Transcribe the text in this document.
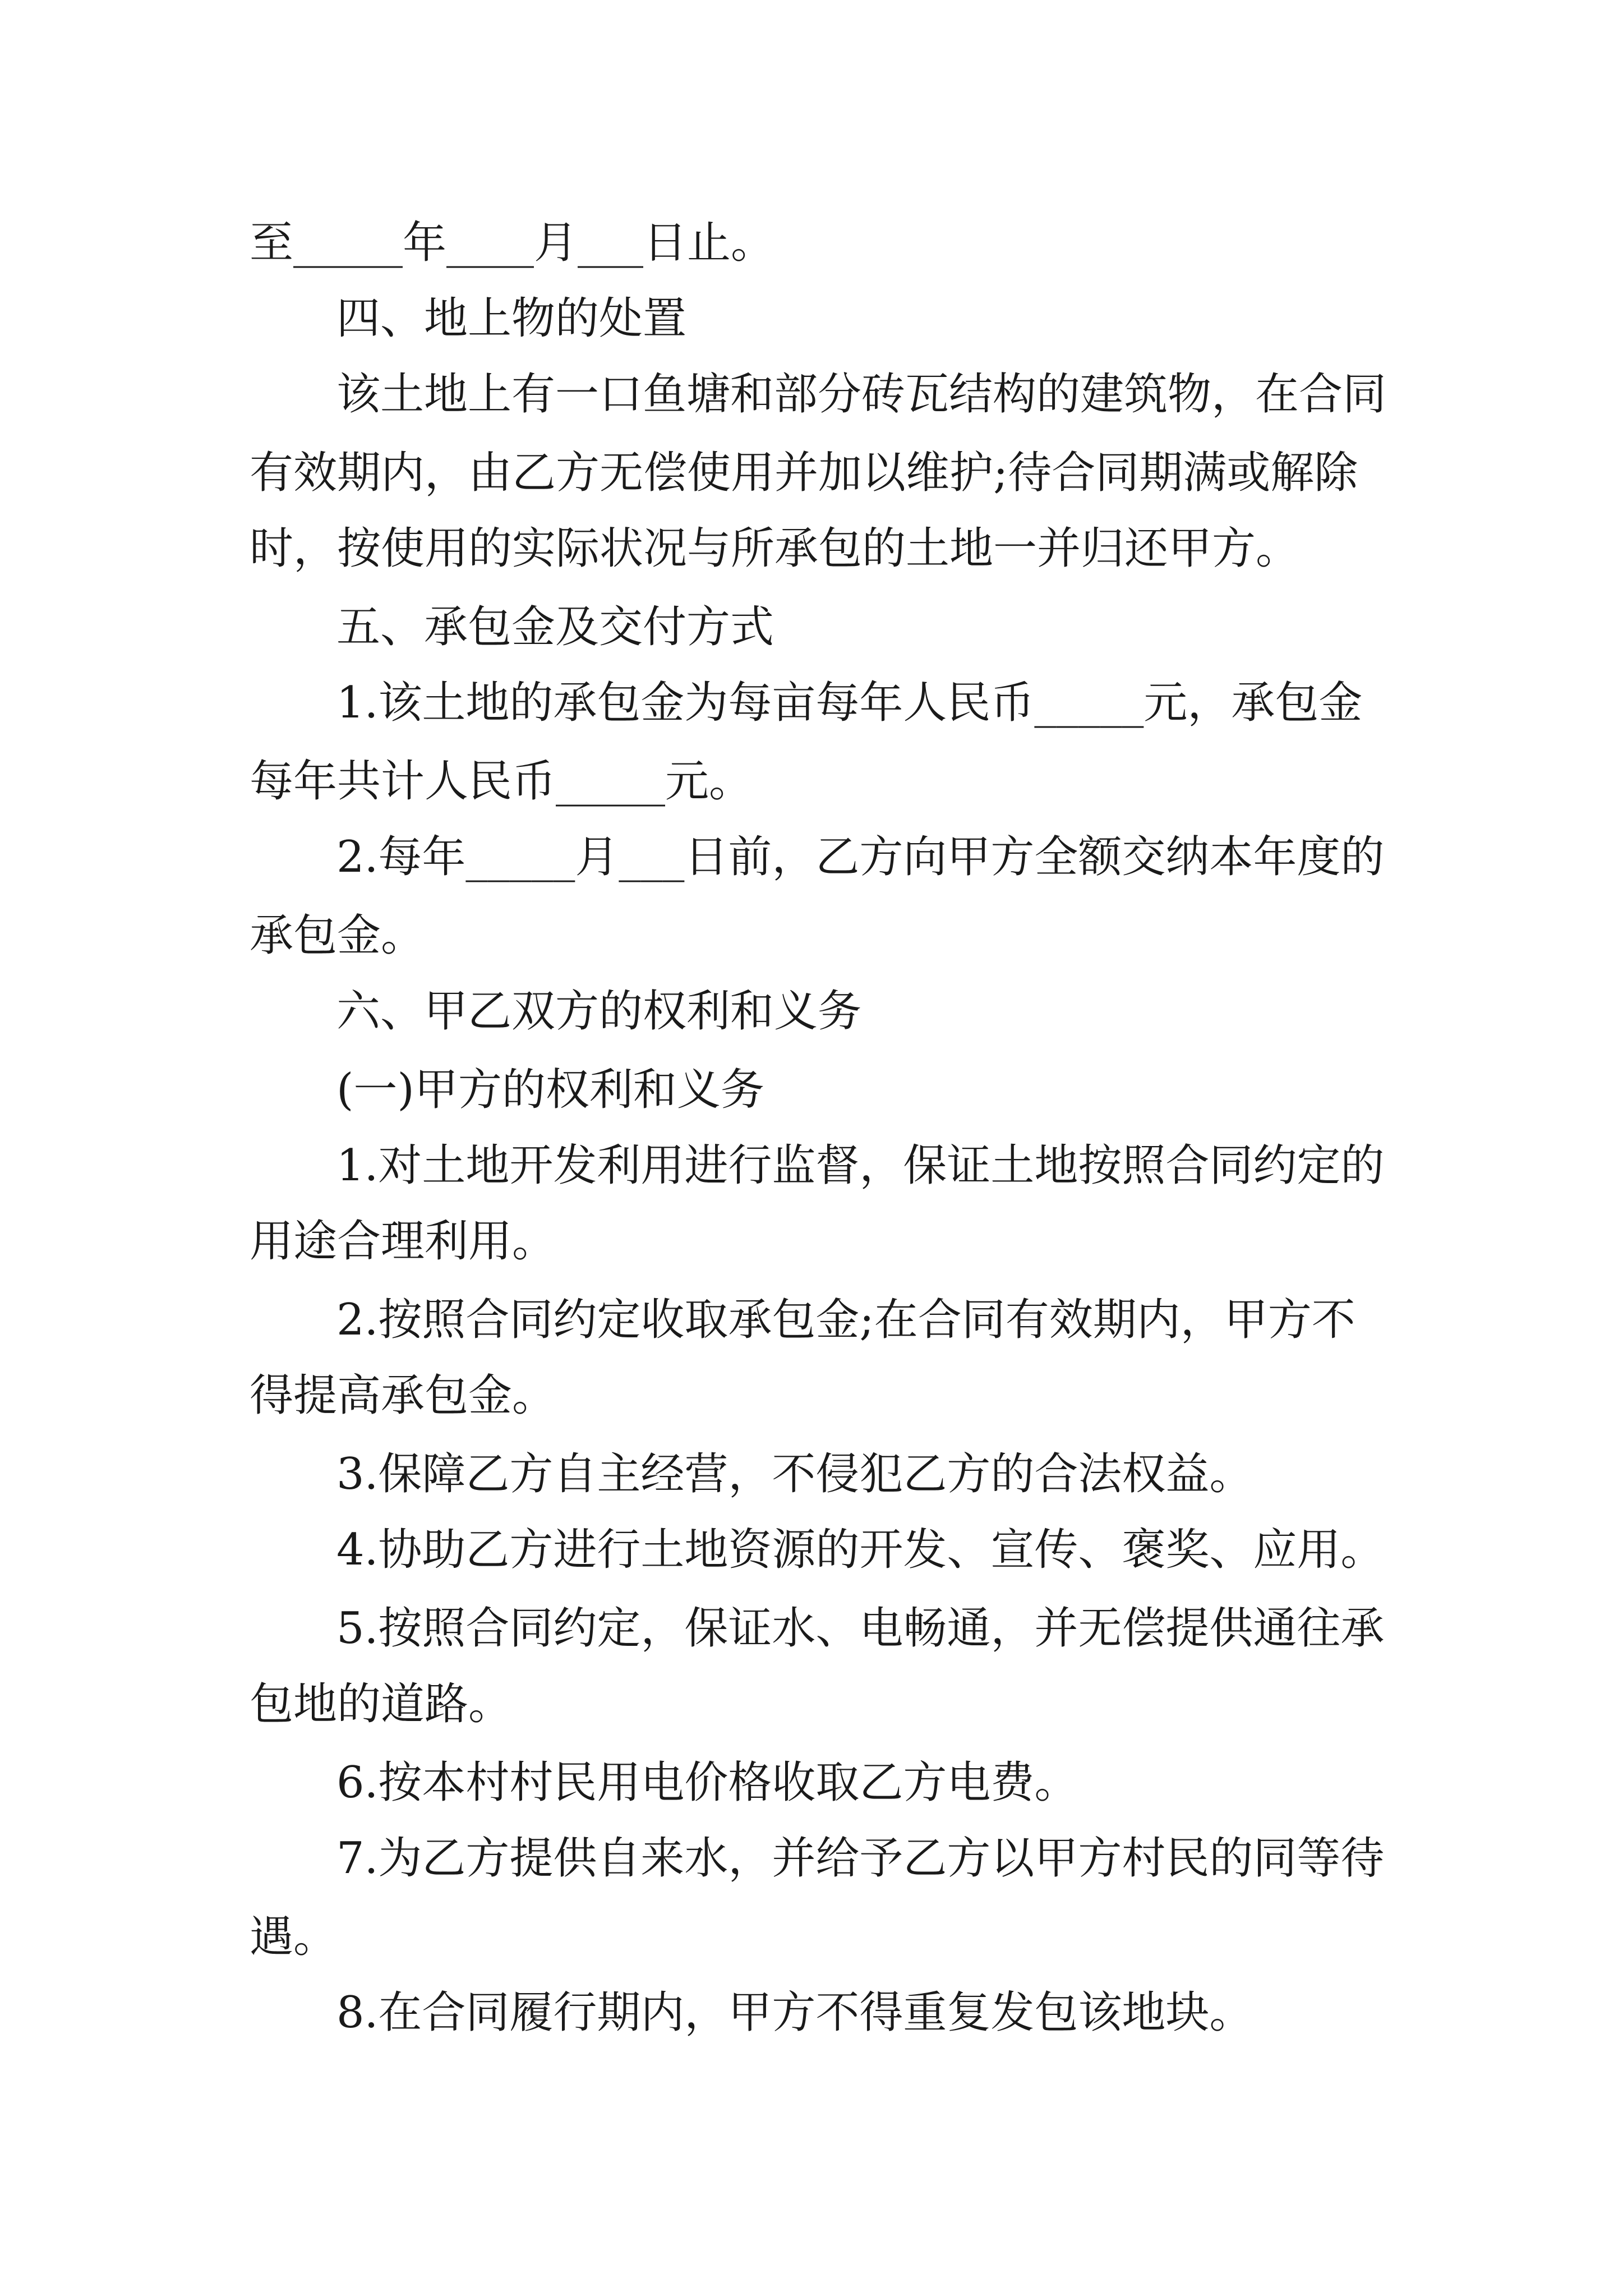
至_____年____月___日止。
四、地上物的处置
该土地上有一口鱼塘和部分砖瓦结构的建筑物，在合同
有效期内，由乙方无偿使用并加以维护;待合同期满或解除
时，按使用的实际状况与所承包的土地一并归还甲方。
五、承包金及交付方式
1.该土地的承包金为每亩每年人民币_____元，承包金
每年共计人民币_____元。
2.每年_____月___日前，乙方向甲方全额交纳本年度的
承包金。
六、甲乙双方的权利和义务
(一)甲方的权利和义务
1.对土地开发利用进行监督，保证土地按照合同约定的
用途合理利用。
2.按照合同约定收取承包金;在合同有效期内，甲方不
得提高承包金。
3.保障乙方自主经营，不侵犯乙方的合法权益。
4.协助乙方进行土地资源的开发、宣传、褒奖、应用。
5.按照合同约定，保证水、电畅通，并无偿提供通往承
包地的道路。
6.按本村村民用电价格收取乙方电费。
7.为乙方提供自来水，并给予乙方以甲方村民的同等待
遇。
8.在合同履行期内，甲方不得重复发包该地块。
